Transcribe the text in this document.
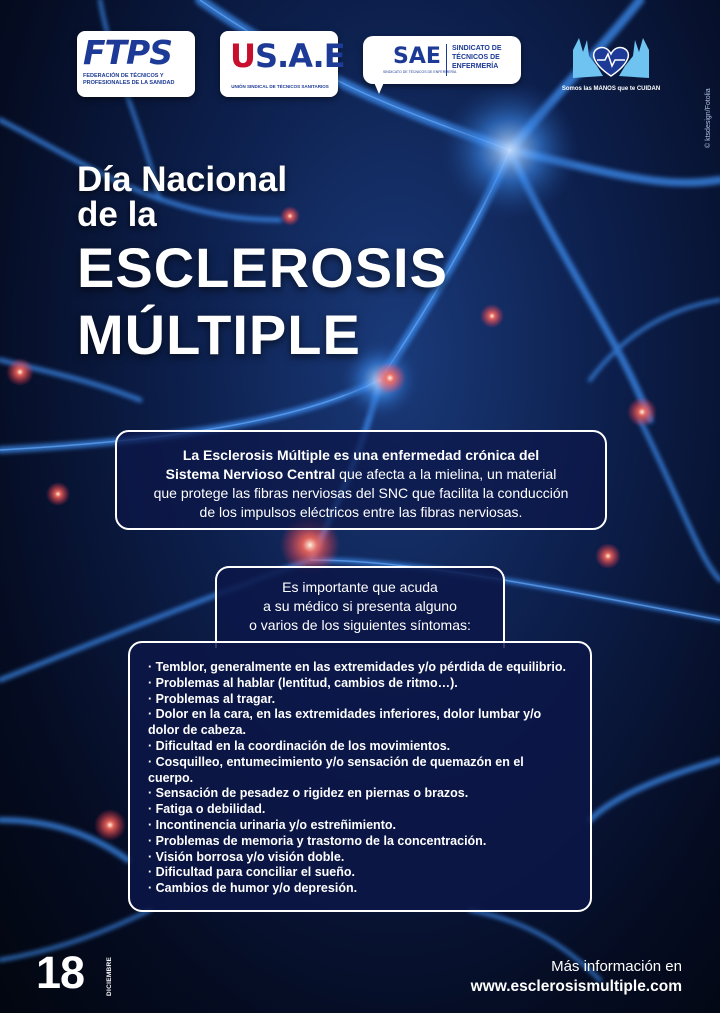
FTPS
FEDERACIÓN DE TÉCNICOS Y PROFESIONALES DE LA SANIDAD
US.A.E
UNIÓN SINDICAL DE TÉCNICOS SANITARIOS
SAE SINDICATO DE TÉCNICOS DE ENFERMERÍA
SINDICATO DE TÉCNICOS DE ENFERMERÍA
Somos las MANOS que te CUIDAN	© ktsdesign/Fotolia
Día Nacional
de la
ESCLEROSIS
MÚLTIPLE
La Esclerosis Múltiple es una enfermedad crónica del
Sistema Nervioso Central que afecta a la mielina, un material
que protege las fibras nerviosas del SNC que facilita la conducción
de los impulsos eléctricos entre las fibras nerviosas.
Es importante que acuda
a su médico si presenta alguno
o varios de los siguientes síntomas:
· Temblor, generalmente en las extremidades y/o pérdida de equilibrio.
· Problemas al hablar (lentitud, cambios de ritmo…).
· Problemas al tragar.
· Dolor en la cara, en las extremidades inferiores, dolor lumbar y/o
dolor de cabeza.
· Dificultad en la coordinación de los movimientos.
· Cosquilleo, entumecimiento y/o sensación de quemazón en el
cuerpo.
· Sensación de pesadez o rigidez en piernas o brazos.
· Fatiga o debilidad.
· Incontinencia urinaria y/o estreñimiento.
· Problemas de memoria y trastorno de la concentración.
· Visión borrosa y/o visión doble.
· Dificultad para conciliar el sueño.
· Cambios de humor y/o depresión.
18	DICIEMBRE	Más información en
www.esclerosismultiple.com
